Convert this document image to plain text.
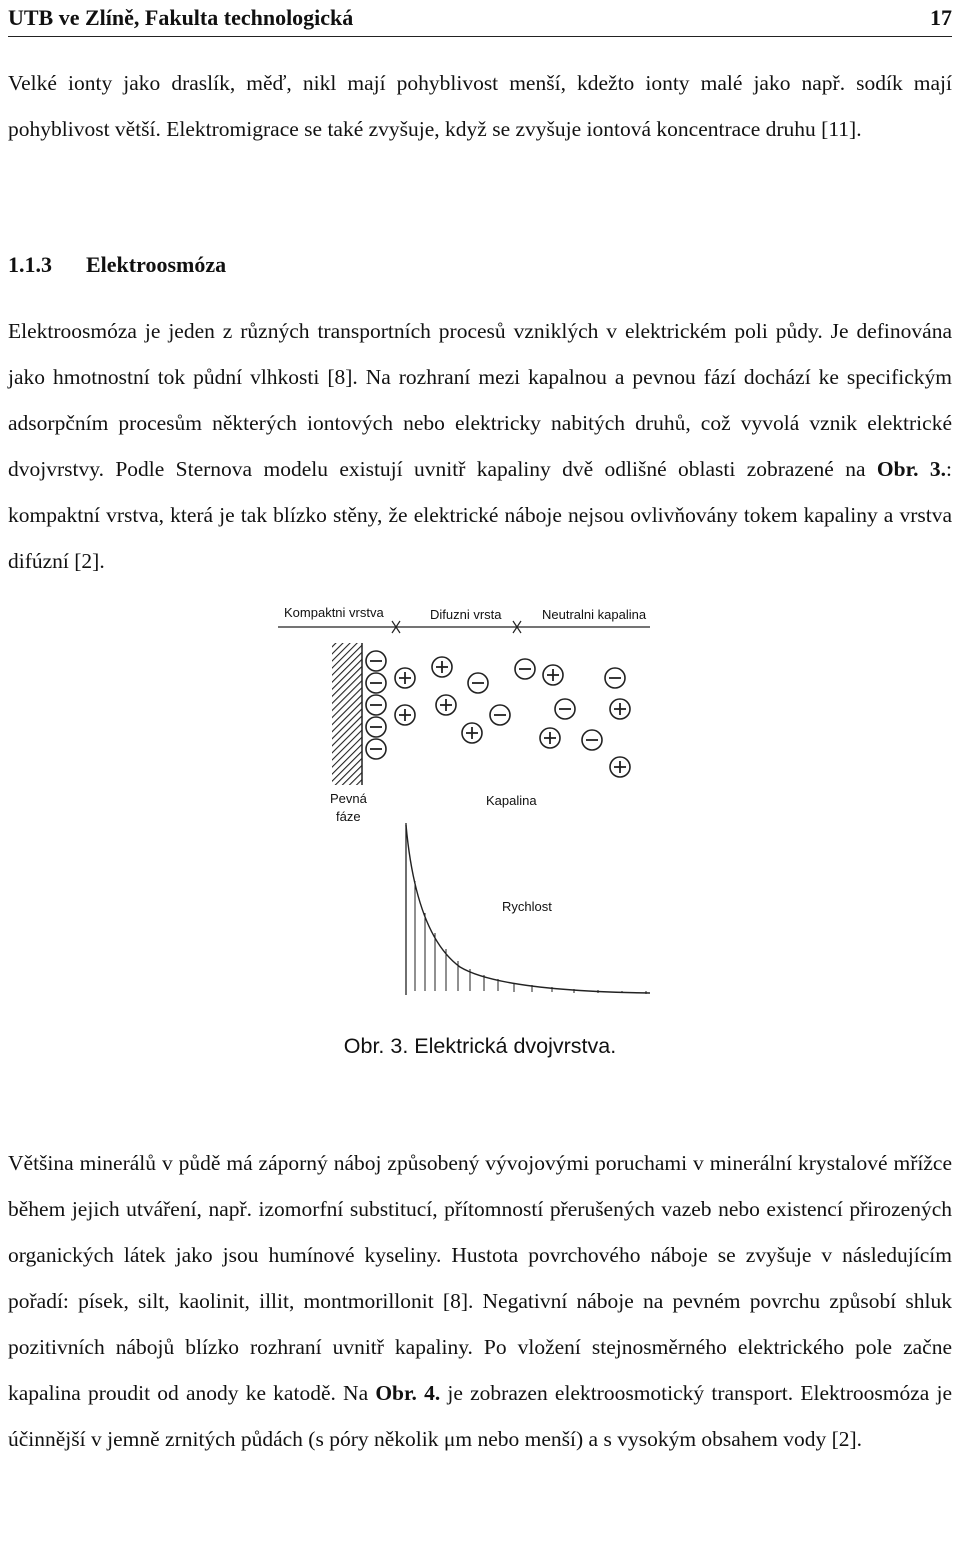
UTB ve Zlíně, Fakulta technologická	17

Velké ionty jako draslík, měď, nikl mají pohyblivost menší, kdežto ionty malé jako např. sodík mají pohyblivost větší. Elektromigrace se také zvyšuje, když se zvyšuje iontová koncentrace druhu [11].

1.1.3 Elektroosmóza

Elektroosmóza je jeden z různých transportních procesů vzniklých v elektrickém poli půdy. Je definována jako hmotnostní tok půdní vlhkosti [8]. Na rozhraní mezi kapalnou a pevnou fází dochází ke specifickým adsorpčním procesům některých iontových nebo elektricky nabitých druhů, což vyvolá vznik elektrické dvojvrstvy. Podle Sternova modelu existují uvnitř kapaliny dvě odlišné oblasti zobrazené na Obr. 3.: kompaktní vrstva, která je tak blízko stěny, že elektrické náboje nejsou ovlivňovány tokem kapaliny a vrstva difúzní [2].

Kompaktni vrstva	Difuzni vrsta	Neutralni kapalina
Pevná
fáze
Kapalina
Rychlost
Obr. 3. Elektrická dvojvrstva.

Většina minerálů v půdě má záporný náboj způsobený vývojovými poruchami v minerální krystalové mřížce během jejich utváření, např. izomorfní substitucí, přítomností přerušených vazeb nebo existencí přirozených organických látek jako jsou humínové kyseliny. Hustota povrchového náboje se zvyšuje v následujícím pořadí: písek, silt, kaolinit, illit, montmorillonit [8]. Negativní náboje na pevném povrchu způsobí shluk pozitivních nábojů blízko rozhraní uvnitř kapaliny. Po vložení stejnosměrného elektrického pole začne kapalina proudit od anody ke katodě. Na Obr. 4. je zobrazen elektroosmotický transport. Elektroosmóza je účinnější v jemně zrnitých půdách (s póry několik μm nebo menší) a s vysokým obsahem vody [2].
